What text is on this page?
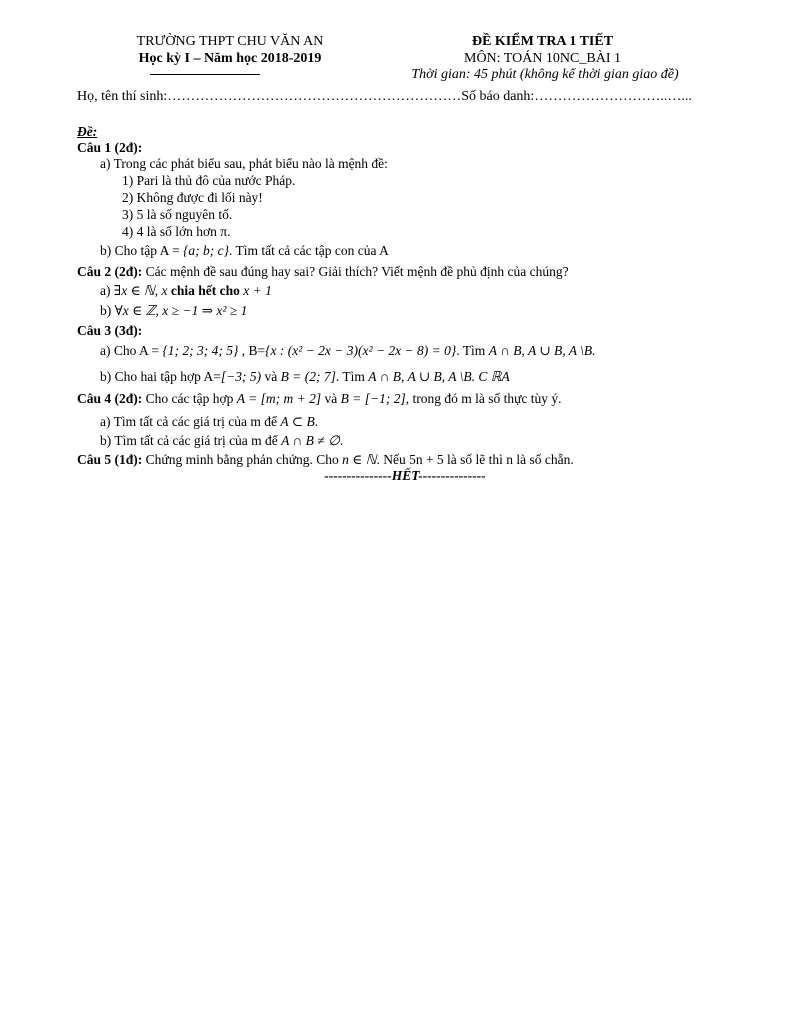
TRƯỜNG THPT CHU VĂN AN
Học kỳ I – Năm học 2018-2019
ĐỀ KIỂM TRA 1 TIẾT
MÔN: TOÁN 10NC_BÀI 1
Thời gian: 45 phút (không kể thời gian giao đề)
Họ, tên thí sinh:………………………………………………………Số báo danh:………………………..…...
Đề:
Câu 1 (2đ):
a) Trong các phát biểu sau, phát biểu nào là mệnh đề:
1) Pari là thủ đô của nước Pháp.
2) Không được đi lối này!
3) 5 là số nguyên tố.
4) 4 là số lớn hơn π.
b) Cho tập A = {a; b; c}. Tìm tất cả các tập con của A
Câu 2 (2đ): Các mệnh đề sau đúng hay sai? Giải thích? Viết mệnh đề phủ định của chúng?
a) ∃x ∈ ℕ, x chia hết cho x + 1
b) ∀x ∈ ℤ, x ≥ −1 ⇒ x² ≥ 1
Câu 3 (3đ):
a) Cho A = {1; 2; 3; 4; 5} , B={x : (x² − 2x − 3)(x² − 2x − 8) = 0}. Tìm A ∩ B, A ∪ B, A \B.
b) Cho hai tập hợp A=[−3; 5) và B = (2; 7]. Tìm A ∩ B, A ∪ B, A \B. C ℝA
Câu 4 (2đ): Cho các tập hợp A = [m; m + 2] và B = [−1; 2], trong đó m là số thực tùy ý.
a) Tìm tất cả các giá trị của m để A ⊂ B.
b) Tìm tất cả các giá trị của m để A ∩ B ≠ ∅.
Câu 5 (1đ): Chứng minh bằng phản chứng. Cho n ∈ ℕ. Nếu 5n + 5 là số lẽ thì n là số chẵn.
---------------HẾT---------------
